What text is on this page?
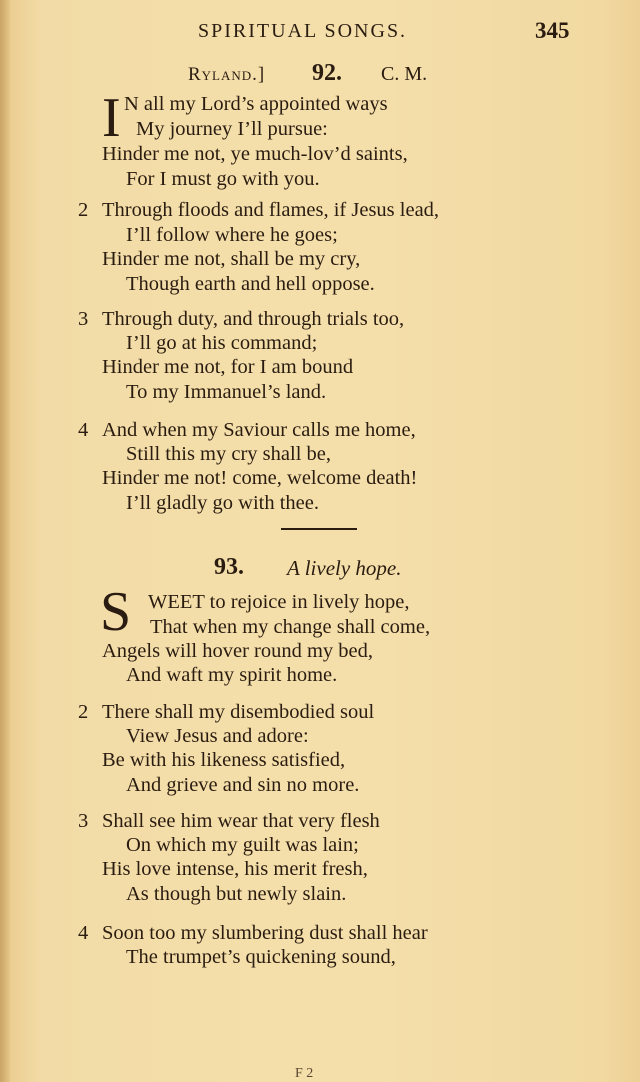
SPIRITUAL SONGS.	345
Ryland.] 92. C. M.
I N all my Lord’s appointed ways
My journey I’ll pursue:
Hinder me not, ye much-lov’d saints,
For I must go with you.
2 Through floods and flames, if Jesus lead,
I’ll follow where he goes;
Hinder me not, shall be my cry,
Though earth and hell oppose.
3 Through duty, and through trials too,
I’ll go at his command;
Hinder me not, for I am bound
To my Immanuel’s land.
4 And when my Saviour calls me home,
Still this my cry shall be,
Hinder me not! come, welcome death!
I’ll gladly go with thee.
93. A lively hope.
S WEET to rejoice in lively hope,
That when my change shall come,
Angels will hover round my bed,
And waft my spirit home.
2 There shall my disembodied soul
View Jesus and adore:
Be with his likeness satisfied,
And grieve and sin no more.
3 Shall see him wear that very flesh
On which my guilt was lain;
His love intense, his merit fresh,
As though but newly slain.
4 Soon too my slumbering dust shall hear
The trumpet’s quickening sound,
F 2
